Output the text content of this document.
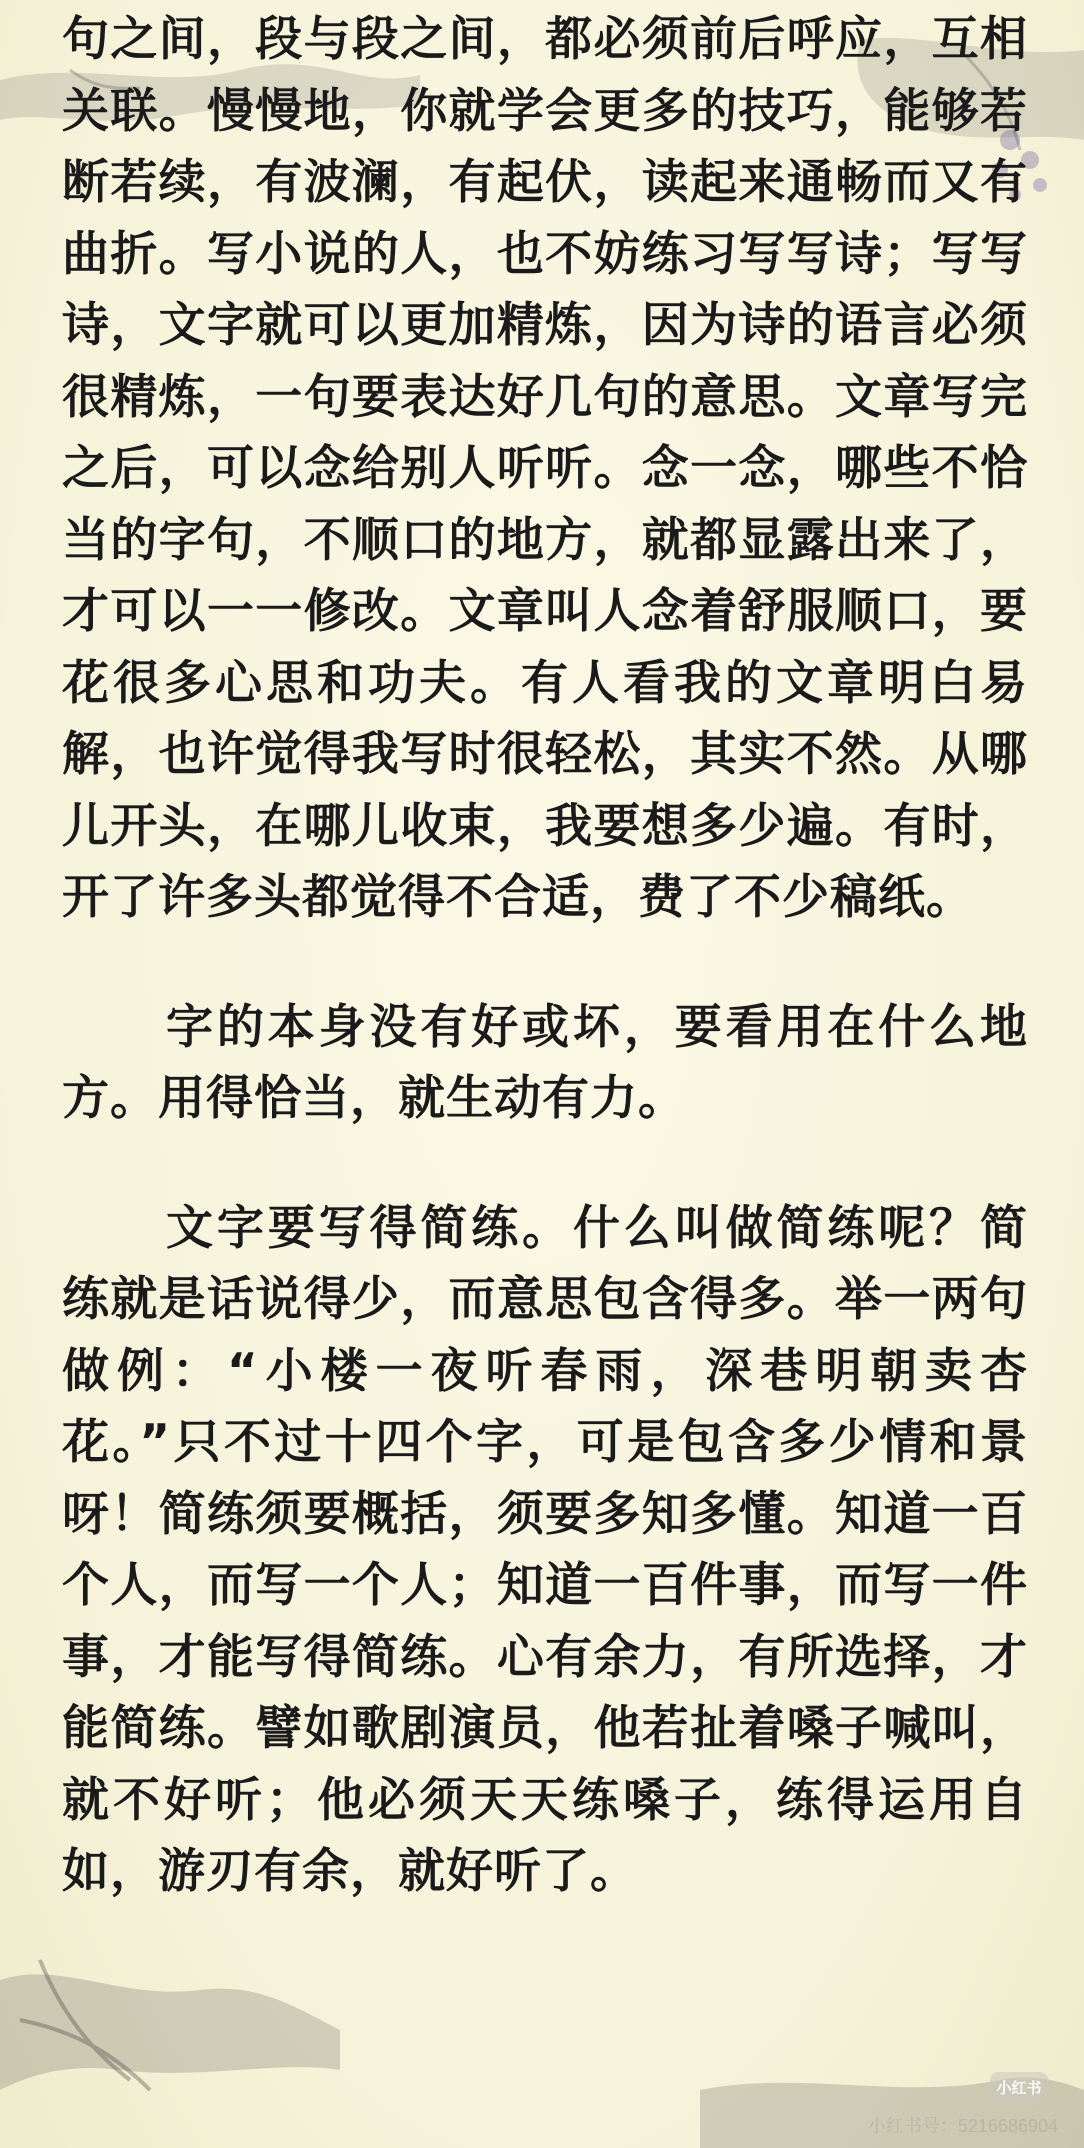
句之间，段与段之间，都必须前后呼应，互相关联。慢慢地，你就学会更多的技巧，能够若断若续，有波澜，有起伏，读起来通畅而又有曲折。写小说的人，也不妨练习写写诗；写写诗，文字就可以更加精炼，因为诗的语言必须很精炼，一句要表达好几句的意思。文章写完之后，可以念给别人听听。念一念，哪些不恰当的字句，不顺口的地方，就都显露出来了，才可以一一修改。文章叫人念着舒服顺口，要花很多心思和功夫。有人看我的文章明白易解，也许觉得我写时很轻松，其实不然。从哪儿开头，在哪儿收束，我要想多少遍。有时，开了许多头都觉得不合适，费了不少稿纸。

字的本身没有好或坏，要看用在什么地方。用得恰当，就生动有力。

文字要写得简练。什么叫做简练呢？简练就是话说得少，而意思包含得多。举一两句做例：“小楼一夜听春雨，深巷明朝卖杏花。”只不过十四个字，可是包含多少情和景呀！简练须要概括，须要多知多懂。知道一百个人，而写一个人；知道一百件事，而写一件事，才能写得简练。心有余力，有所选择，才能简练。譬如歌剧演员，他若扯着嗓子喊叫，就不好听；他必须天天练嗓子，练得运用自如，游刃有余，就好听了。

小红书
小红书号：5216686904
